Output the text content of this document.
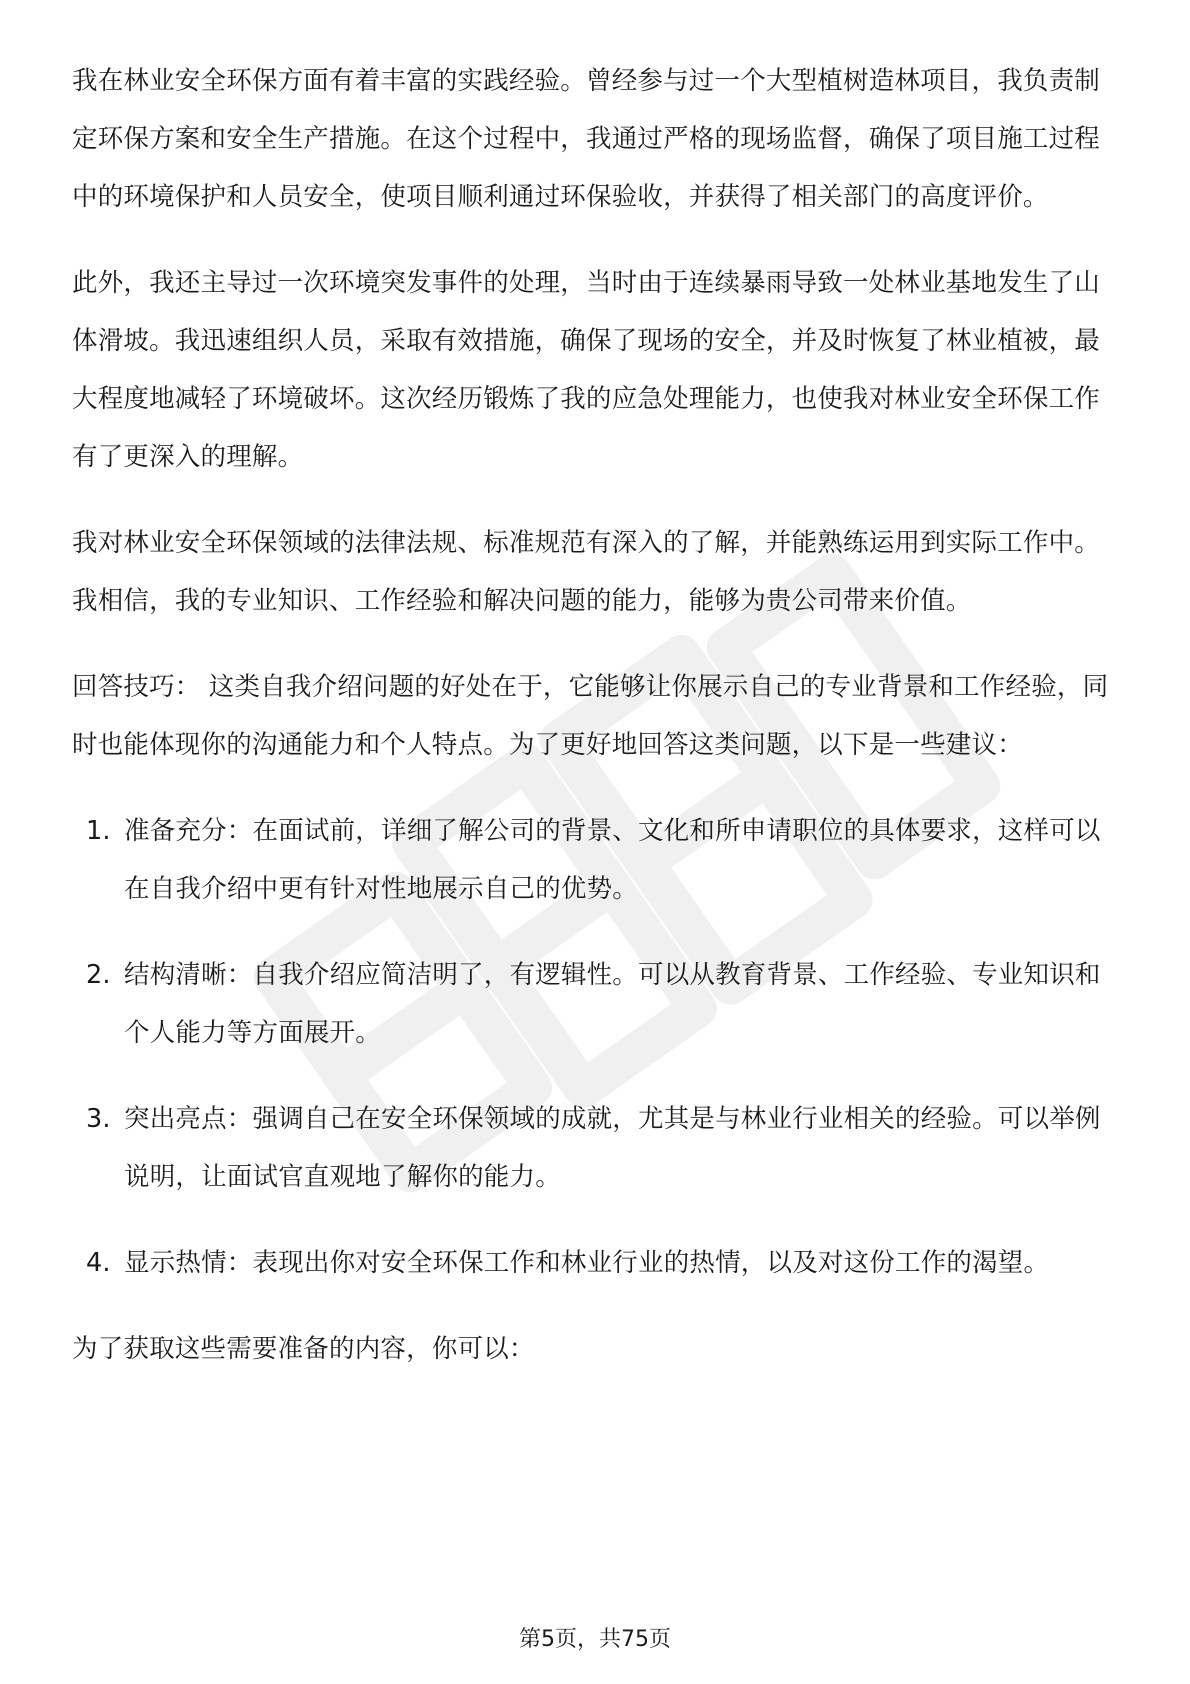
我在林业安全环保方面有着丰富的实践经验。曾经参与过一个大型植树造林项目，我负责制定环保方案和安全生产措施。在这个过程中，我通过严格的现场监督，确保了项目施工过程中的环境保护和人员安全，使项目顺利通过环保验收，并获得了相关部门的高度评价。

此外，我还主导过一次环境突发事件的处理，当时由于连续暴雨导致一处林业基地发生了山体滑坡。我迅速组织人员，采取有效措施，确保了现场的安全，并及时恢复了林业植被，最大程度地减轻了环境破坏。这次经历锻炼了我的应急处理能力，也使我对林业安全环保工作有了更深入的理解。

我对林业安全环保领域的法律法规、标准规范有深入的了解，并能熟练运用到实际工作中。我相信，我的专业知识、工作经验和解决问题的能力，能够为贵公司带来价值。

回答技巧： 这类自我介绍问题的好处在于，它能够让你展示自己的专业背景和工作经验，同时也能体现你的沟通能力和个人特点。为了更好地回答这类问题，以下是一些建议：

1. 准备充分：在面试前，详细了解公司的背景、文化和所申请职位的具体要求，这样可以在自我介绍中更有针对性地展示自己的优势。
2. 结构清晰：自我介绍应简洁明了，有逻辑性。可以从教育背景、工作经验、专业知识和个人能力等方面展开。
3. 突出亮点：强调自己在安全环保领域的成就，尤其是与林业行业相关的经验。可以举例说明，让面试官直观地了解你的能力。
4. 显示热情：表现出你对安全环保工作和林业行业的热情，以及对这份工作的渴望。

为了获取这些需要准备的内容，你可以：

第5页，共75页
